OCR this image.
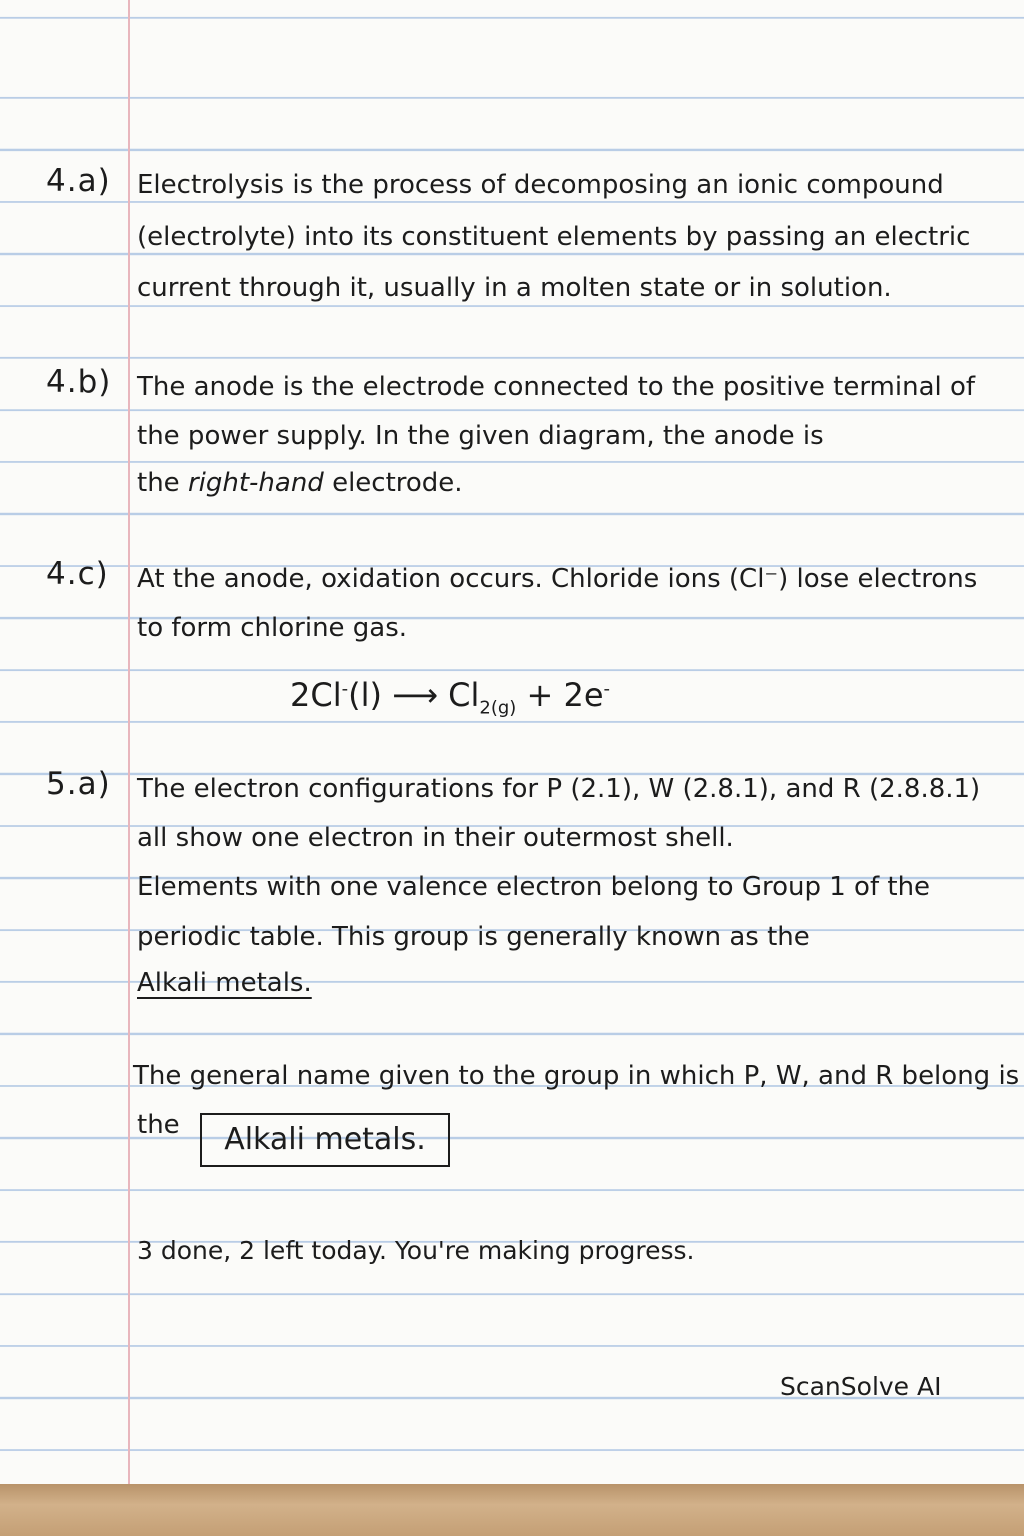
4.a) Electrolysis is the process of decomposing an ionic compound
(electrolyte) into its constituent elements by passing an electric
current through it, usually in a molten state or in solution.
4.b) The anode is the electrode connected to the positive terminal of
the power supply. In the given diagram, the anode is
the right-hand electrode.
4.c) At the anode, oxidation occurs. Chloride ions (Cl⁻) lose electrons
to form chlorine gas.
2Cl-(l) ⟶ $Cl_{2(g)} + 2e^-$
5.a) The electron configurations for P (2.1), W (2.8.1), and R (2.8.8.1)
all show one electron in their outermost shell.
Elements with one valence electron belong to Group 1 of the
periodic table. This group is generally known as the
Alkali metals.
The general name given to the group in which P, W, and R belong is
the	Alkali metals.
3 done, 2 left today. You're making progress.
ScanSolve AI
